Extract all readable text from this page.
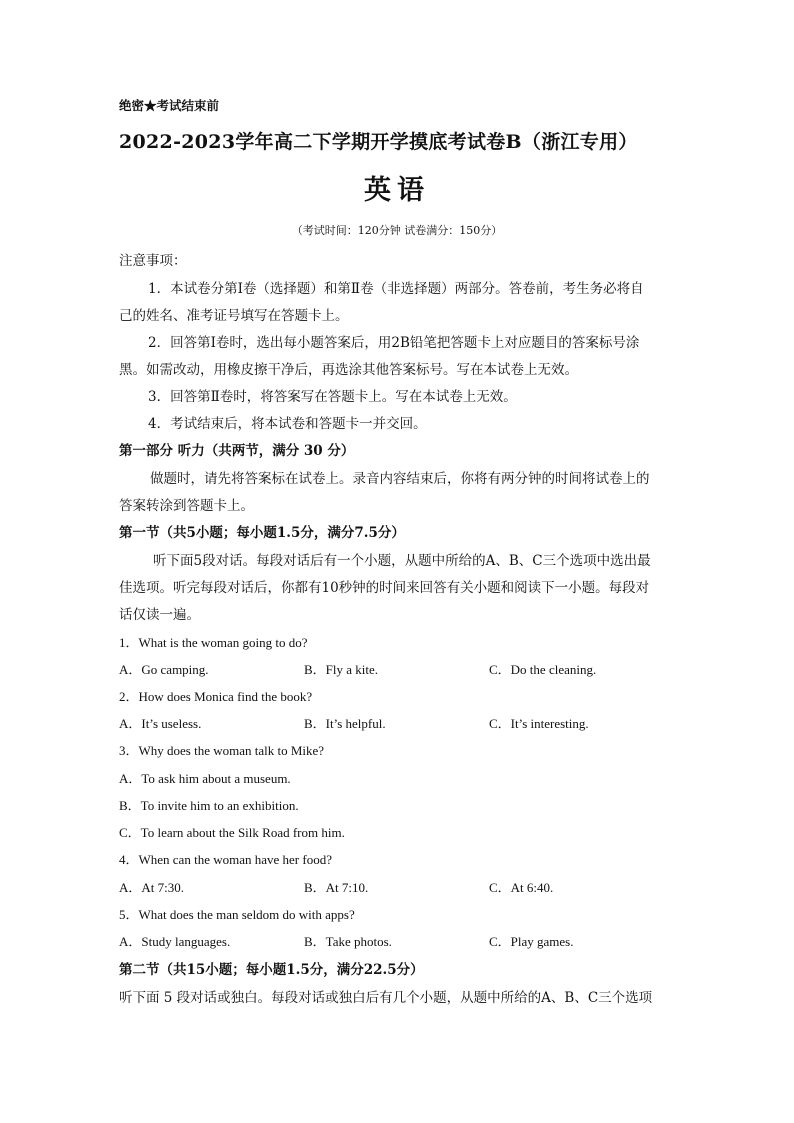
绝密★考试结束前
2022-2023学年高二下学期开学摸底考试卷B（浙江专用）
英语
（考试时间：120分钟 试卷满分：150分）
注意事项：
1．本试卷分第Ⅰ卷（选择题）和第Ⅱ卷（非选择题）两部分。答卷前，考生务必将自
己的姓名、准考证号填写在答题卡上。
2．回答第Ⅰ卷时，选出每小题答案后，用2B铅笔把答题卡上对应题目的答案标号涂
黑。如需改动，用橡皮擦干净后，再选涂其他答案标号。写在本试卷上无效。
3．回答第Ⅱ卷时，将答案写在答题卡上。写在本试卷上无效。
4．考试结束后，将本试卷和答题卡一并交回。
第一部分 听力（共两节，满分 30 分）
做题时，请先将答案标在试卷上。录音内容结束后，你将有两分钟的时间将试卷上的
答案转涂到答题卡上。
第一节（共5小题；每小题1.5分，满分7.5分）
听下面5段对话。每段对话后有一个小题，从题中所给的A、B、C三个选项中选出最
佳选项。听完每段对话后，你都有10秒钟的时间来回答有关小题和阅读下一小题。每段对
话仅读一遍。
1．What is the woman going to do?
A．Go camping.	B．Fly a kite.	C．Do the cleaning.
2．How does Monica find the book?
A．It’s useless.	B．It’s helpful.	C．It’s interesting.
3．Why does the woman talk to Mike?
A．To ask him about a museum.
B．To invite him to an exhibition.
C．To learn about the Silk Road from him.
4．When can the woman have her food?
A．At 7:30.	B．At 7:10.	C．At 6:40.
5．What does the man seldom do with apps?
A．Study languages.	B．Take photos.	C．Play games.
第二节（共15小题；每小题1.5分，满分22.5分）
听下面 5 段对话或独白。每段对话或独白后有几个小题，从题中所给的A、B、C三个选项
